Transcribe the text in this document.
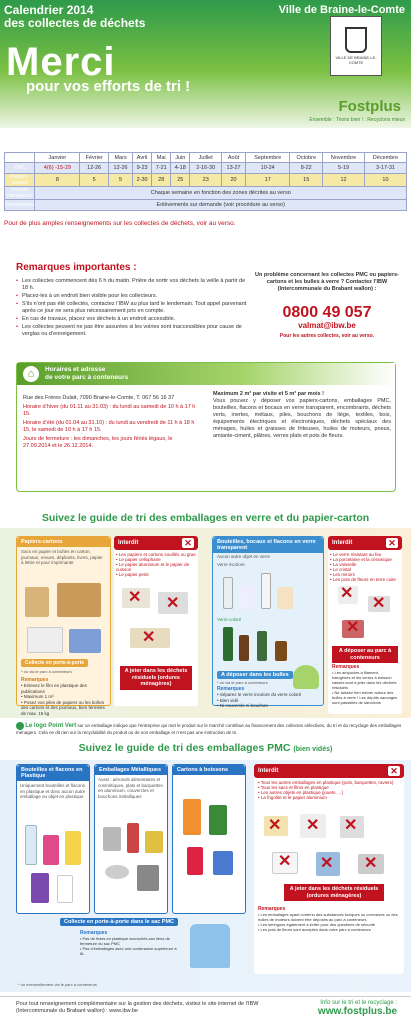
Calendrier 2014
des collectes de déchets
Ville de Braine-le-Comte
Merci
pour vos efforts de tri !
VILLE DE BRAINE-LE-COMTE
Fostplus
Ensemble : Trions bien ! : Recyclons mieux
	Janvier	Février	Mars	Avril	Mai	Juin	Juillet	Août	Septembre	Octobre	Novembre	Décembre
PMC	4(6) -15-29	12-26	12-26	9-23	7-21	4-18	2-16-30	13-27	10-24	8-22	5-19	3-17-31
Papiers-cartons	8	5	5	2-30	28	25	23	20	17	15	12	10
Ordures ménagères	Chaque semaine en fonction des zones décrites au verso											
Encombrants	Enlèvements sur demande (voir procédure au verso)											
Pour de plus amples renseignements sur les collectes de déchets, voir au verso.
Remarques importantes :
• Les collectes commencent dès 6 h du matin. Prière de sortir vos déchets la veille à partir de 18 h.
• Placez-les à un endroit bien visible pour les collecteurs.
• S’ils n’ont pas été collectés, contactez l’IBW au plus tard le lendemain. Tout appel parvenant après ce jour ne sera plus nécessairement pris en compte.
• En cas de travaux, placez vos déchets à un endroit accessible.
• Les collectes peuvent ne pas être assurées si les voiries sont inaccessibles pour cause de verglas ou d’enneigement.
Un problème concernant les collectes PMC ou papiers-cartons et les bulles à verre ? Contactez l’IBW (Intercommunale du Brabant wallon) :
0800 49 057
valmat@ibw.be
Pour les autres collectes, voir au verso.
⌂	Horaires et adresse
de votre parc à conteneurs

Rue des Frères Dulait, 7090 Braine-le-Comte, T. 067 56 16 37

Horaire d’hiver (du 01.11 au 31.03) : du lundi au samedi de 10 h à 17 h 15.

Horaire d’été (du 01.04 au 31.10) : du lundi au vendredi de 11 h à 18 h 15, le samedi de 10 h à 17 h 15.

Jours de fermeture : les dimanches, les jours fériés légaux, le 27.09.2014 et le 26.12.2014.

Maximum 2 m³ par visite et 5 m³ par mois !
Vous pouvez y déposer vos papiers-cartons, emballages PMC, bouteilles, flacons et bocaux en verre transparent, encombrants, déchets verts, inertes, métaux, piles, bouchons de liège, textiles, bois, équipements électriques et électroniques, déchets spéciaux des ménages, huiles et graisses de friteuses, huiles de moteurs, pneus, amiante-ciment, plâtres, verres plats et pots de fleurs.
Suivez le guide de tri des emballages en verre et du papier-carton
Papiers-cartons
Sacs en papier et boîtes en carton, journaux, revues, dépliants, livres, papier à lettre et pour imprimante
Collecte en porte-à-porte
* ou via le parc à conteneurs
Remarques
• Enlevez le film en plastique des publications
• Maximum 1 m³
• Posez vos piles de papiers ou les boîtes des cartons et des journaux, bien fermées de max. 15 kg
Interdit	✕
• Les papiers et cartons souillés ou gras
• Le papier cellophane
• Le papier aluminium et le papier de cuisson
• Le papier peint
✕ ✕
✕
A jeter dans les déchets résiduels (ordures ménagères)
Bouteilles, bocaux et flacons en verre transparent
Aucun autre objet en verre
Verre incolore
Verre coloré
A déposer dans les bulles
* ou via le parc à conteneurs
Remarques
• Séparez le verre incolore du verre coloré
• Bien vidé
• Ni couvercle ni bouchon
Interdit	✕
• Le verre résistant au feu
• La porcelaine et la céramique
• La vaisselle
• Le cristal
• Les miroirs
• Les pots de fleurs en terre cuite
✕
✕
✕
A déposer au parc à conteneurs
Remarques
• Les ampoules à filament, halogènes et les verres à boisson cassés sont à jeter dans les déchets résiduels
• Ne laissez rien traîner autour des bulles à verre ! Les dépôts sauvages sont passibles de sanctions
Le logo Point Vert sur un emballage indique que l’entreprise qui met le produit sur le marché contribue au financement des collectes sélectives, du tri et du recyclage des emballages ménagers. Cela ne dit rien sur la recyclabilité du produit ou de son emballage et n’est pas une instruction de tri.
Suivez le guide de tri des emballages PMC (bien vidés)
Bouteilles et flacons en Plastique
Uniquement bouteilles et flacons en plastique et donc aucun autre emballage ou objet en plastique
Emballages Métalliques
Aussi : aérosols alimentaires et cosmétiques, plats et barquettes en aluminium, couvercles et bouchons métalliques
Cartons à boissons	Interdit	✕
• Tous les autres emballages en plastique (pots, barquettes, raviers)
• Tous les sacs et films en plastique
• Les autres objets en plastique (jouets, ...)
• La frigolite et le papier aluminium
✕ ✕ ✕
✕ ✕ ✕
A jeter dans les déchets résiduels (ordures ménagères)
Remarques
• Les emballages ayant contenu des substances toxiques ou corrosives ou des huiles de moteurs doivent être déposés au parc à conteneurs
• Les seringues également à éviter pour des questions de sécurité
• Les pots de fleurs sont acceptés dans votre parc à conteneurs
Collecte en porte-à-porte dans le sac PMC
Remarques
• Pas de fioles en plastique accrochés aux liens de fermeture du sac PMC
• Pas d’emballages avec une contenance supérieure à 8L
* ou éventuellement via le parc à conteneurs
Pour tout renseignement complémentaire sur la gestion des déchets, visitez le site internet de l’IBW (Intercommunale du Brabant wallon) : www.ibw.be
Info sur le tri et le recyclage :
www.fostplus.be
